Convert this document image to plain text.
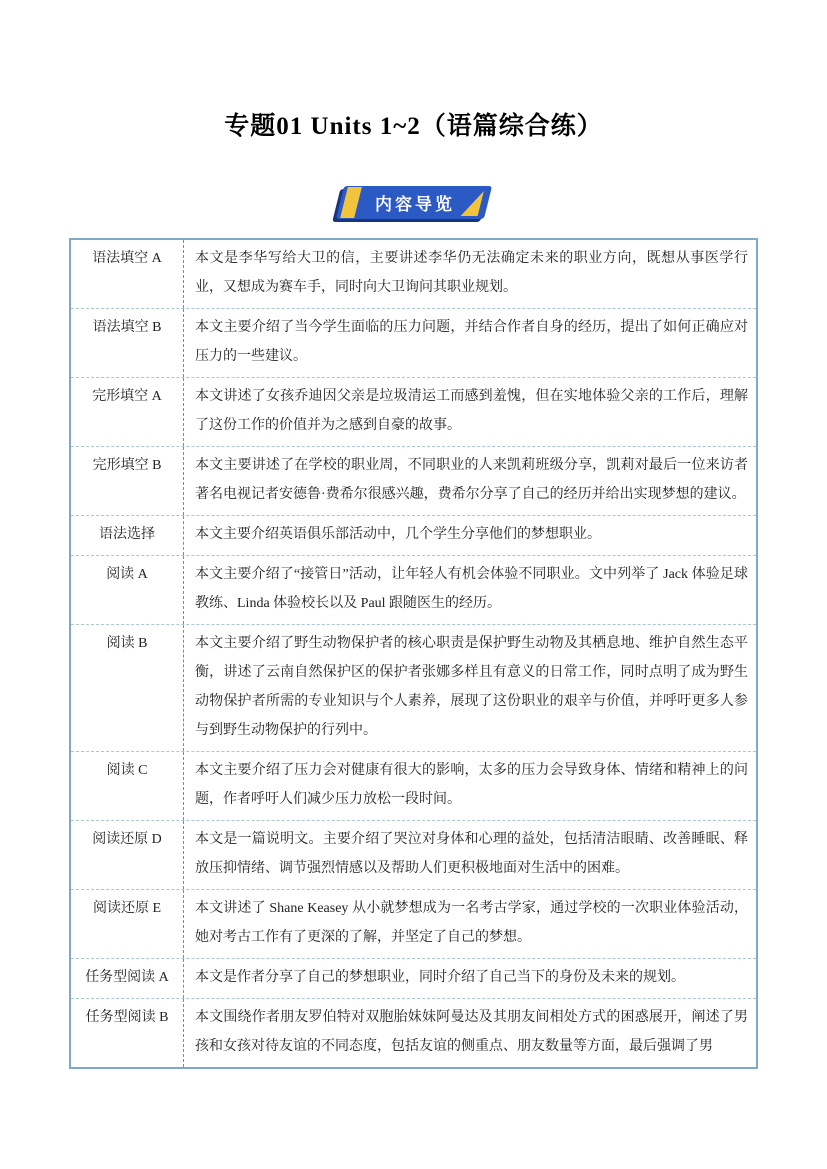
专题01 Units 1~2（语篇综合练）
内容导览
语法填空 A	本文是李华写给大卫的信，主要讲述李华仍无法确定未来的职业方向，既想从事医学行业，又想成为赛车手，同时向大卫询问其职业规划。
语法填空 B	本文主要介绍了当今学生面临的压力问题，并结合作者自身的经历，提出了如何正确应对压力的一些建议。
完形填空 A	本文讲述了女孩乔迪因父亲是垃圾清运工而感到羞愧，但在实地体验父亲的工作后，理解了这份工作的价值并为之感到自豪的故事。
完形填空 B	本文主要讲述了在学校的职业周，不同职业的人来凯莉班级分享，凯莉对最后一位来访者著名电视记者安德鲁·费希尔很感兴趣，费希尔分享了自己的经历并给出实现梦想的建议。
语法选择	本文主要介绍英语俱乐部活动中，几个学生分享他们的梦想职业。
阅读 A	本文主要介绍了“接管日”活动，让年轻人有机会体验不同职业。文中列举了 Jack 体验足球教练、Linda 体验校长以及 Paul 跟随医生的经历。
阅读 B	本文主要介绍了野生动物保护者的核心职责是保护野生动物及其栖息地、维护自然生态平衡，讲述了云南自然保护区的保护者张娜多样且有意义的日常工作，同时点明了成为野生动物保护者所需的专业知识与个人素养，展现了这份职业的艰辛与价值，并呼吁更多人参与到野生动物保护的行列中。
阅读 C	本文主要介绍了压力会对健康有很大的影响，太多的压力会导致身体、情绪和精神上的问题，作者呼吁人们减少压力放松一段时间。
阅读还原 D	本文是一篇说明文。主要介绍了哭泣对身体和心理的益处，包括清洁眼睛、改善睡眠、释放压抑情绪、调节强烈情感以及帮助人们更积极地面对生活中的困难。
阅读还原 E	本文讲述了 Shane Keasey 从小就梦想成为一名考古学家，通过学校的一次职业体验活动，她对考古工作有了更深的了解，并坚定了自己的梦想。
任务型阅读 A	本文是作者分享了自己的梦想职业，同时介绍了自己当下的身份及未来的规划。
任务型阅读 B	本文围绕作者朋友罗伯特对双胞胎妹妹阿曼达及其朋友间相处方式的困惑展开，阐述了男孩和女孩对待友谊的不同态度，包括友谊的侧重点、朋友数量等方面，最后强调了男
